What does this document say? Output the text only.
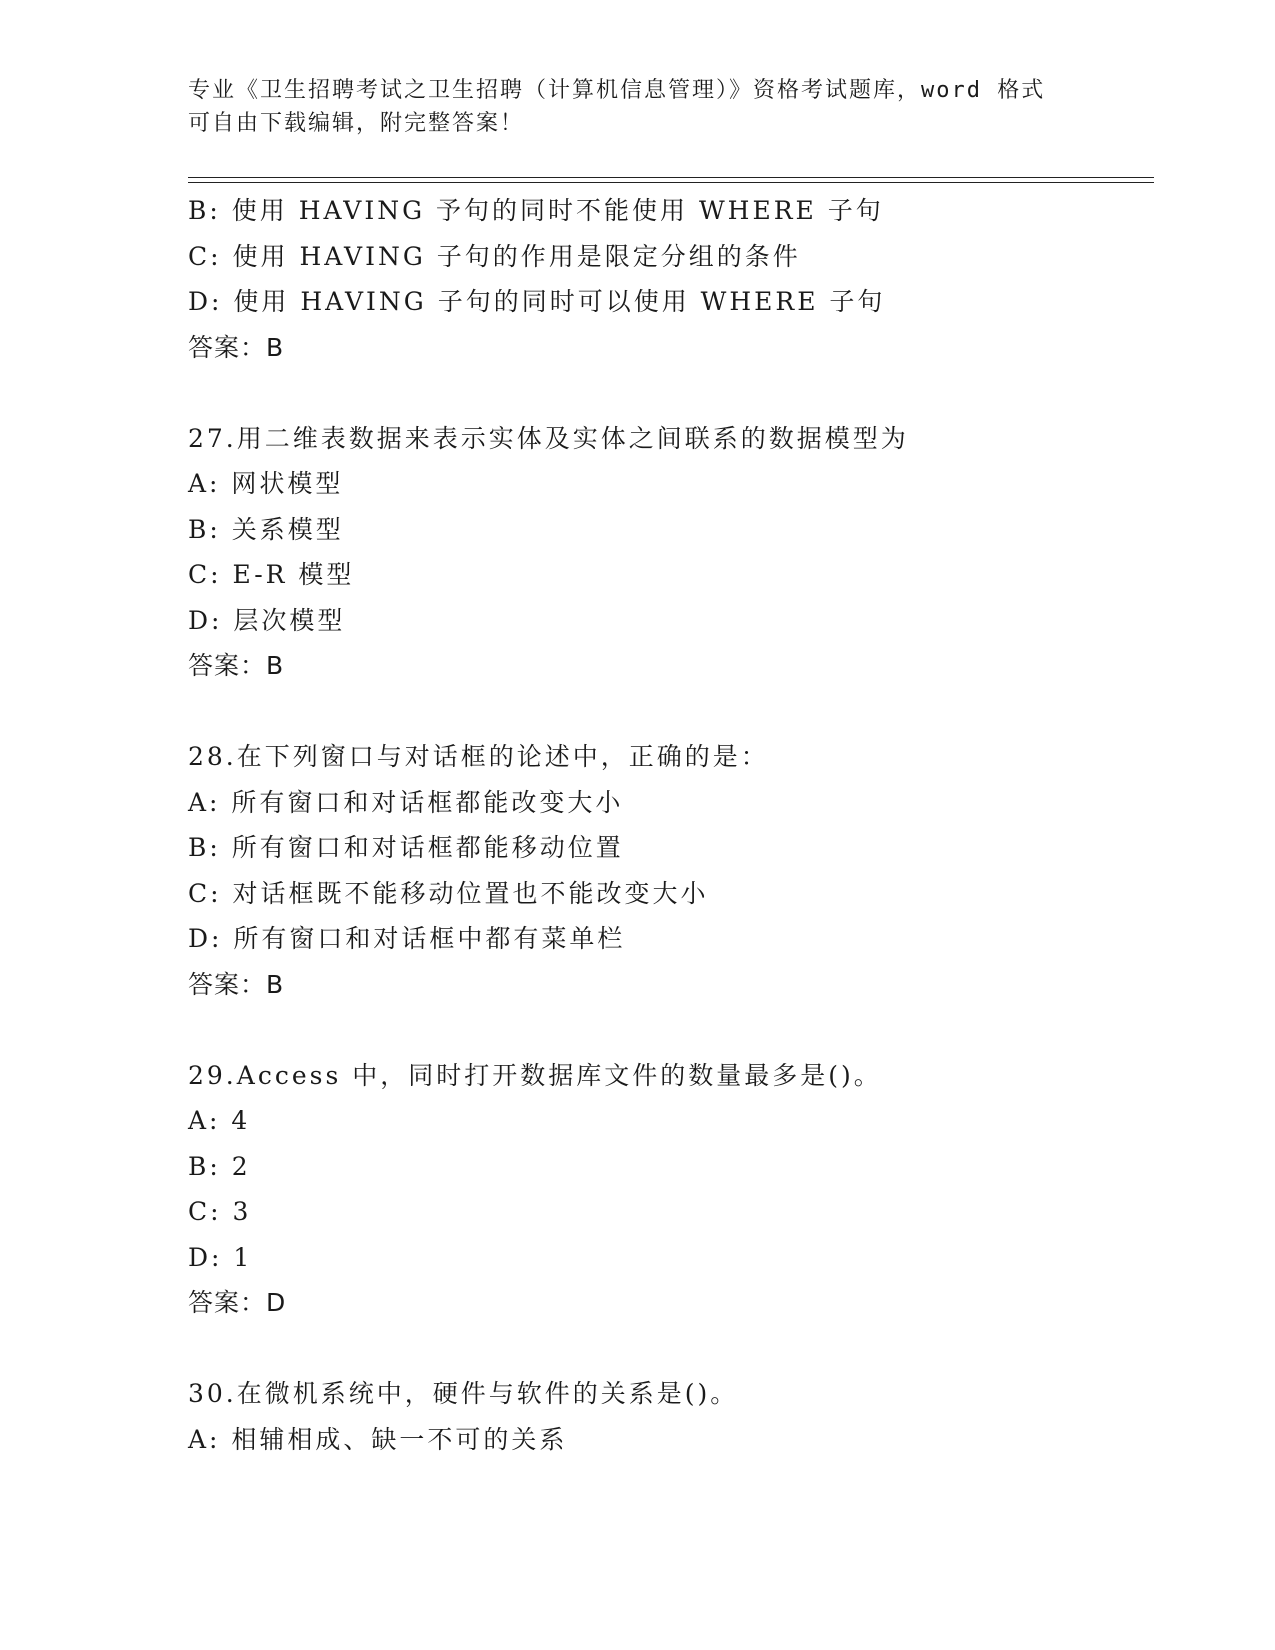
专业《卫生招聘考试之卫生招聘（计算机信息管理）》资格考试题库，word 格式
可自由下载编辑，附完整答案！
B: 使用 HAVING 予句的同时不能使用 WHERE 子句
C: 使用 HAVING 子句的作用是限定分组的条件
D: 使用 HAVING 子句的同时可以使用 WHERE 子句
答案：B
27.用二维表数据来表示实体及实体之间联系的数据模型为
A: 网状模型
B: 关系模型
C: E-R 模型
D: 层次模型
答案：B
28.在下列窗口与对话框的论述中，正确的是：
A: 所有窗口和对话框都能改变大小
B: 所有窗口和对话框都能移动位置
C: 对话框既不能移动位置也不能改变大小
D: 所有窗口和对话框中都有菜单栏
答案：B
29.Access 中，同时打开数据库文件的数量最多是()。
A: 4
B: 2
C: 3
D: 1
答案：D
30.在微机系统中，硬件与软件的关系是()。
A: 相辅相成、缺一不可的关系
